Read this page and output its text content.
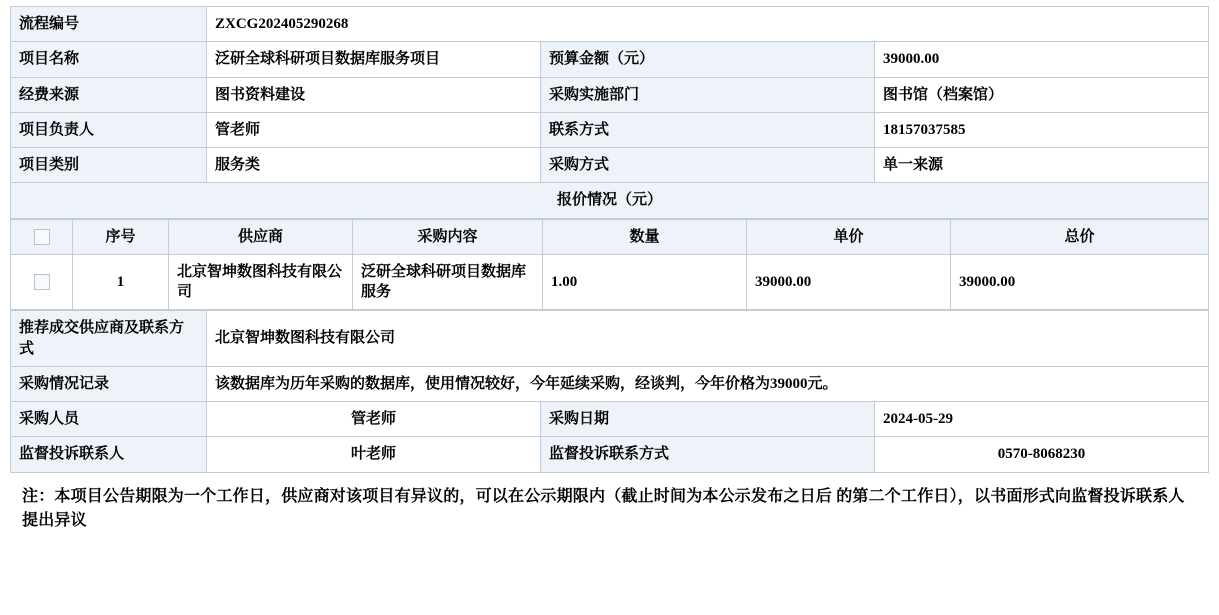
流程编号	ZXCG202405290268		
项目名称	泛研全球科研项目数据库服务项目	预算金额（元）	39000.00
经费来源	图书资料建设	采购实施部门	图书馆（档案馆）
项目负责人	管老师	联系方式	18157037585
项目类别	服务类	采购方式	单一来源
报价情况（元）			
	序号	供应商	采购内容	数量	单价	总价
	1	北京智坤数图科技有限公司	泛研全球科研项目数据库服务	1.00	39000.00	39000.00
推荐成交供应商及联系方式	北京智坤数图科技有限公司		
采购情况记录	该数据库为历年采购的数据库，使用情况较好，今年延续采购，经谈判，今年价格为39000元。		
采购人员	管老师	采购日期	2024-05-29
监督投诉联系人	叶老师	监督投诉联系方式	0570-8068230
注：本项目公告期限为一个工作日，供应商对该项目有异议的，可以在公示期限内（截止时间为本公示发布之日后 的第二个工作日），以书面形式向监督投诉联系人提出异议
